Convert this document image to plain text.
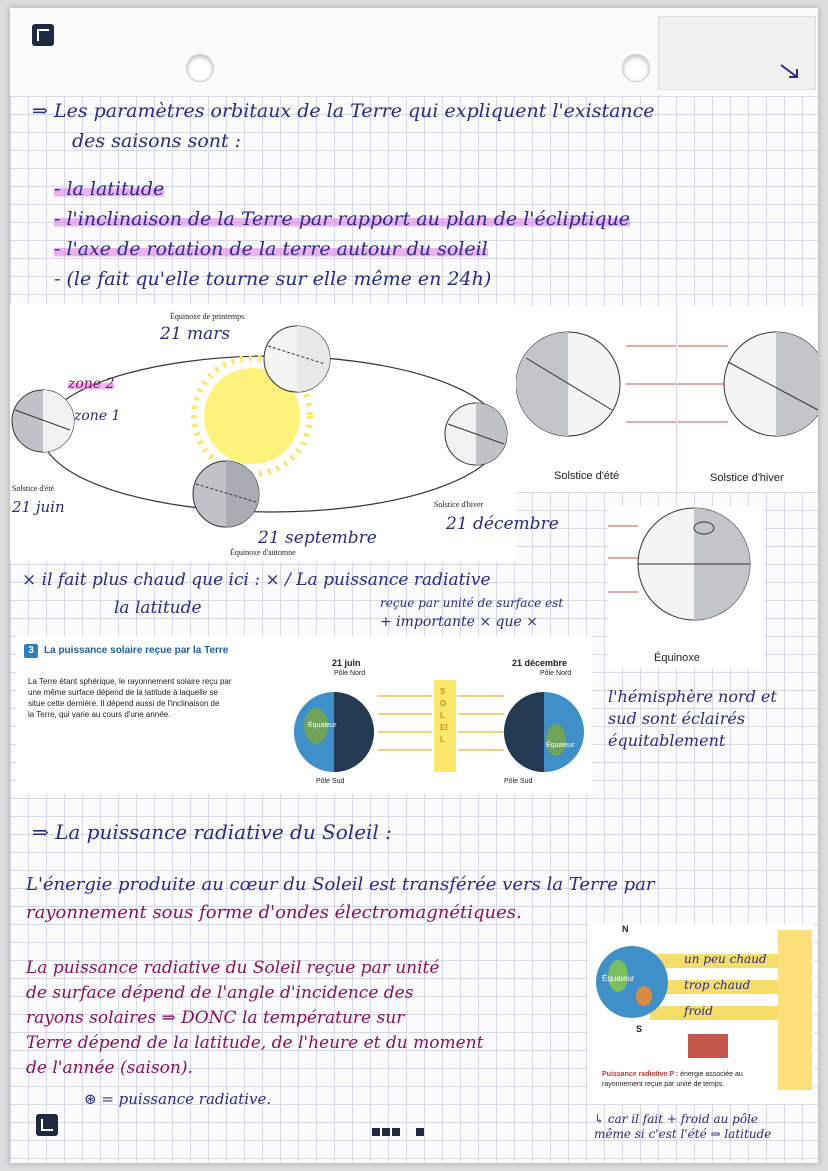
⇒ Les paramètres orbitaux de la Terre qui expliquent l'existance
des saisons sont :
- la latitude
- l'inclinaison de la Terre par rapport au plan de l'écliptique
- l'axe de rotation de la terre autour du soleil
- (le fait qu'elle tourne sur elle même en 24h)
Équinoxe de printemps
21 mars
zone 2
zone 1
Solstice d'été
21 juin	Solstice d'hiver
21 décembre
21 septembre
Équinoxe d'automne
Solstice d'été	Solstice d'hiver
Équinoxe
l'hémisphère nord et
sud sont éclairés
équitablement
× il fait plus chaud que ici : × / La puissance radiative
la latitude	reçue par unité de surface est
+ importante × que ×
3	La puissance solaire reçue par la Terre
La Terre étant sphérique, le rayonnement solaire reçu par
une même surface dépend de la latitude à laquelle se
situe cette dernière. Il dépend aussi de l'inclinaison de
la Terre, qui varie au cours d'une année.
21 juin
Pôle Nord
21 décembre
Pôle Nord
SOLEIL
Équateur
Équateur
Pôle Sud	Pôle Sud
⇒ La puissance radiative du Soleil :
L'énergie produite au cœur du Soleil est transférée vers la Terre par
rayonnement sous forme d'ondes électromagnétiques.
La puissance radiative du Soleil reçue par unité
de surface dépend de l'angle d'incidence des
rayons solaires ⇒ DONC la température sur
Terre dépend de la latitude, de l'heure et du moment
de l'année (saison).
⊛ = puissance radiative.
N
S
Équateur
un peu chaud
trop chaud
froid
Puissance radiative P : énergie associée au
rayonnement reçue par unité de temps.
↳ car il fait + froid au pôle
même si c'est l'été ⇒ latitude
